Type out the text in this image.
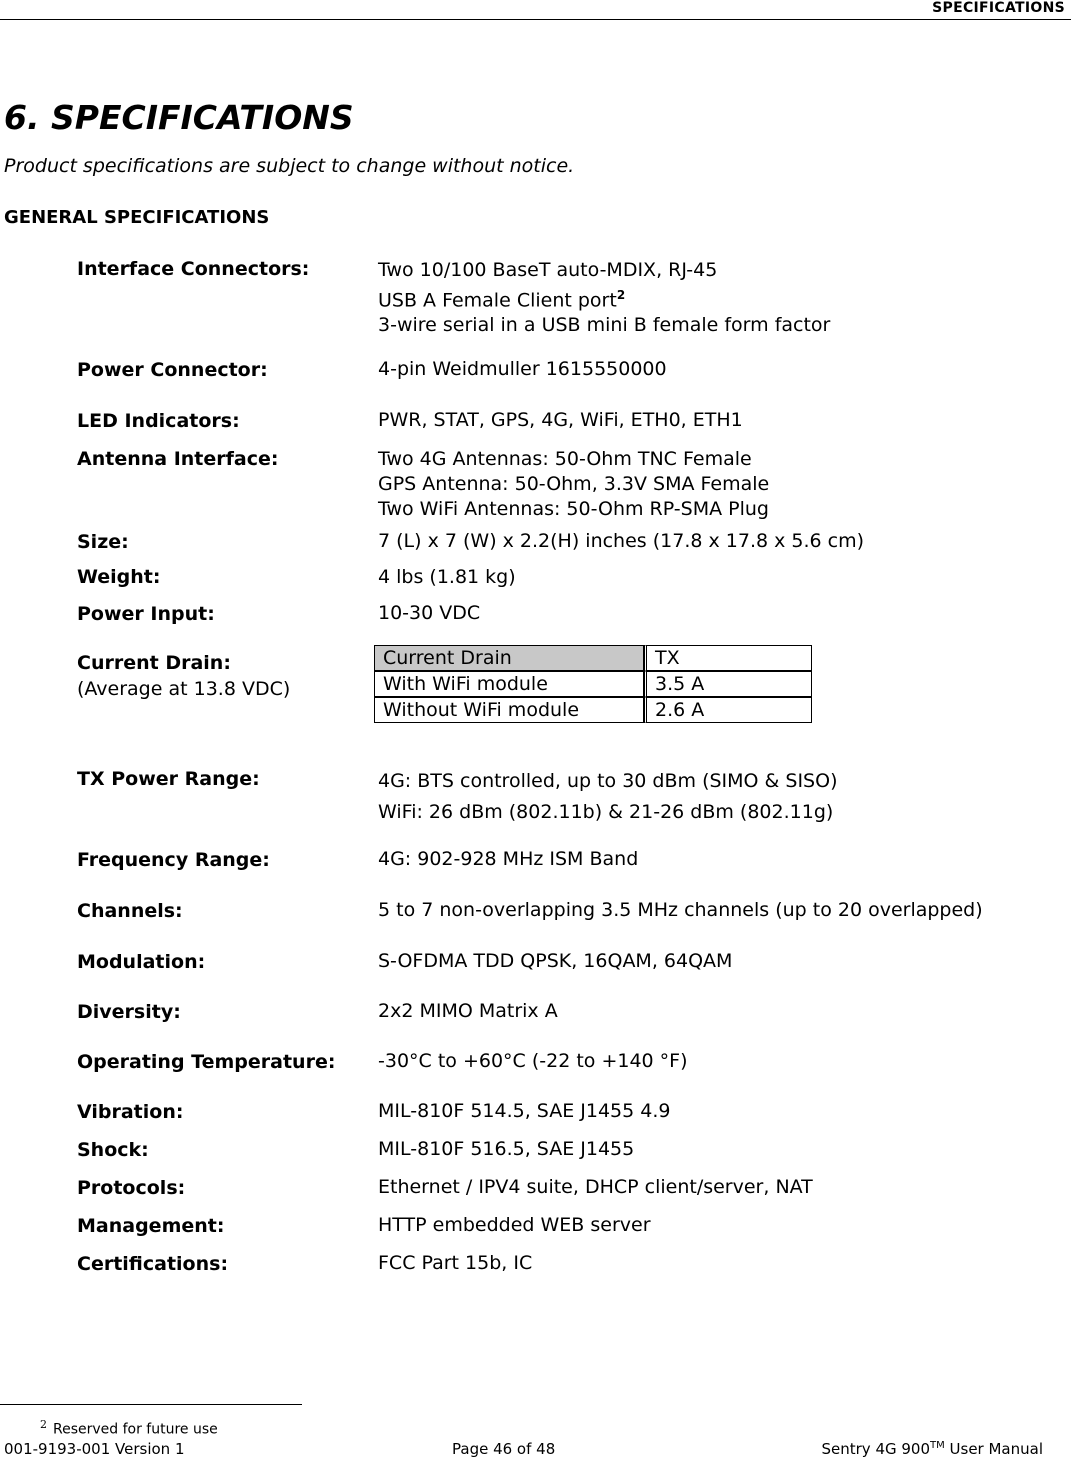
SPECIFICATIONS
6. SPECIFICATIONS
Product specifications are subject to change without notice.
GENERAL SPECIFICATIONS
Interface Connectors:	Two 10/100 BaseT auto-MDIX, RJ-45
USB A Female Client port$^2$
3-wire serial in a USB mini B female form factor
Power Connector:	4-pin Weidmuller 1615550000
LED Indicators:	PWR, STAT, GPS, 4G, WiFi, ETH0, ETH1
Antenna Interface:	Two 4G Antennas: 50-Ohm TNC Female
GPS Antenna: 50-Ohm, 3.3V SMA Female
Two WiFi Antennas: 50-Ohm RP-SMA Plug
Size:	7 (L) x 7 (W) x 2.2(H) inches (17.8 x 17.8 x 5.6 cm)
Weight:	4 lbs (1.81 kg)
Power Input:	10-30 VDC
Current Drain:
(Average at 13.8 VDC)
Current Drain	TX
With WiFi module	3.5 A
Without WiFi module	2.6 A
TX Power Range:	4G: BTS controlled, up to 30 dBm (SIMO & SISO)
WiFi: 26 dBm (802.11b) & 21-26 dBm (802.11g)
Frequency Range:	4G: 902-928 MHz ISM Band
Channels:	5 to 7 non-overlapping 3.5 MHz channels (up to 20 overlapped)
Modulation:	S-OFDMA TDD QPSK, 16QAM, 64QAM
Diversity:	2x2 MIMO Matrix A
Operating Temperature: -30°C to +60°C (-22 to +140 °F)
Vibration:	MIL-810F 514.5, SAE J1455 4.9
Shock:	MIL-810F 516.5, SAE J1455
Protocols:	Ethernet / IPV4 suite, DHCP client/server, NAT
Management:	HTTP embedded WEB server
Certifications:	FCC Part 15b, IC
$^2$ Reserved for future use
001-9193-001 Version 1	Page 46 of 48	Sentry 4G 900™ User Manual
